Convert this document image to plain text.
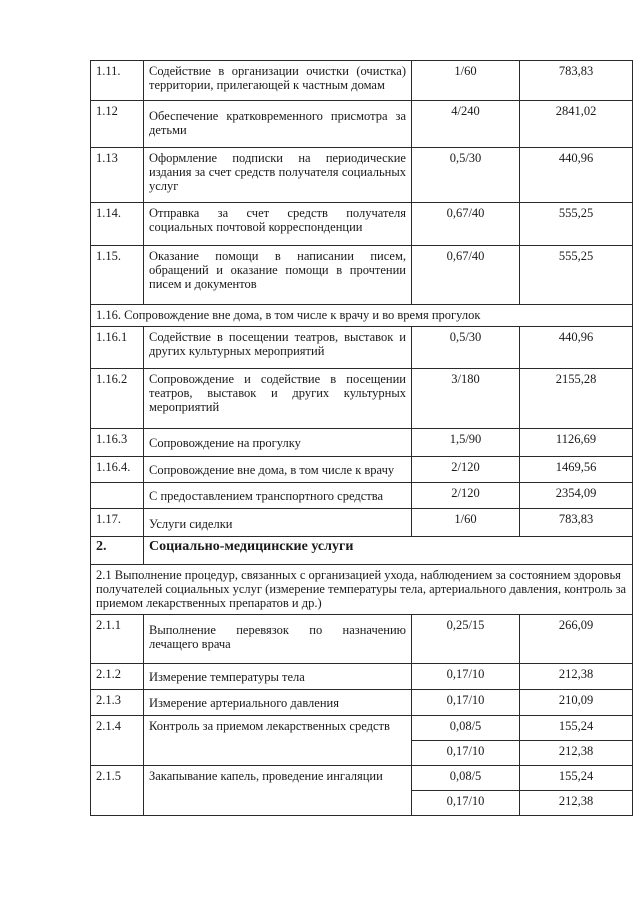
1.11.	Содействие в организации очистки (очистка) территории, прилегающей к частным домам	1/60	783,83
1.12	Обеспечение кратковременного присмотра за детьми	4/240	2841,02
1.13	Оформление подписки на периодические издания за счет средств получателя социальных услуг	0,5/30	440,96
1.14.	Отправка за счет средств получателя социальных почтовой корреспонденции	0,67/40	555,25
1.15.	Оказание помощи в написании писем, обращений и оказание помощи в прочтении писем и документов	0,67/40	555,25
1.16. Сопровождение вне дома, в том числе к врачу и во время прогулок			
1.16.1	Содействие в посещении театров, выставок и других культурных мероприятий	0,5/30	440,96
1.16.2	Сопровождение и содействие в посещении театров, выставок и других культурных мероприятий	3/180	2155,28
1.16.3	Сопровождение на прогулку	1,5/90	1126,69
1.16.4.	Сопровождение вне дома, в том числе к врачу	2/120	1469,56
	С предоставлением транспортного средства	2/120	2354,09
1.17.	Услуги сиделки	1/60	783,83
2.	Социально-медицинские услуги		
2.1 Выполнение процедур, связанных с организацией ухода, наблюдением за состоянием здоровья получателей социальных услуг (измерение температуры тела, артериального давления, контроль за приемом лекарственных препаратов и др.)			
2.1.1	Выполнение перевязок по назначению лечащего врача	0,25/15	266,09
2.1.2	Измерение температуры тела	0,17/10	212,38
2.1.3	Измерение артериального давления	0,17/10	210,09
2.1.4	Контроль за приемом лекарственных средств	0,08/5	155,24
		0,17/10	212,38
2.1.5	Закапывание капель, проведение ингаляции	0,08/5	155,24
		0,17/10	212,38
